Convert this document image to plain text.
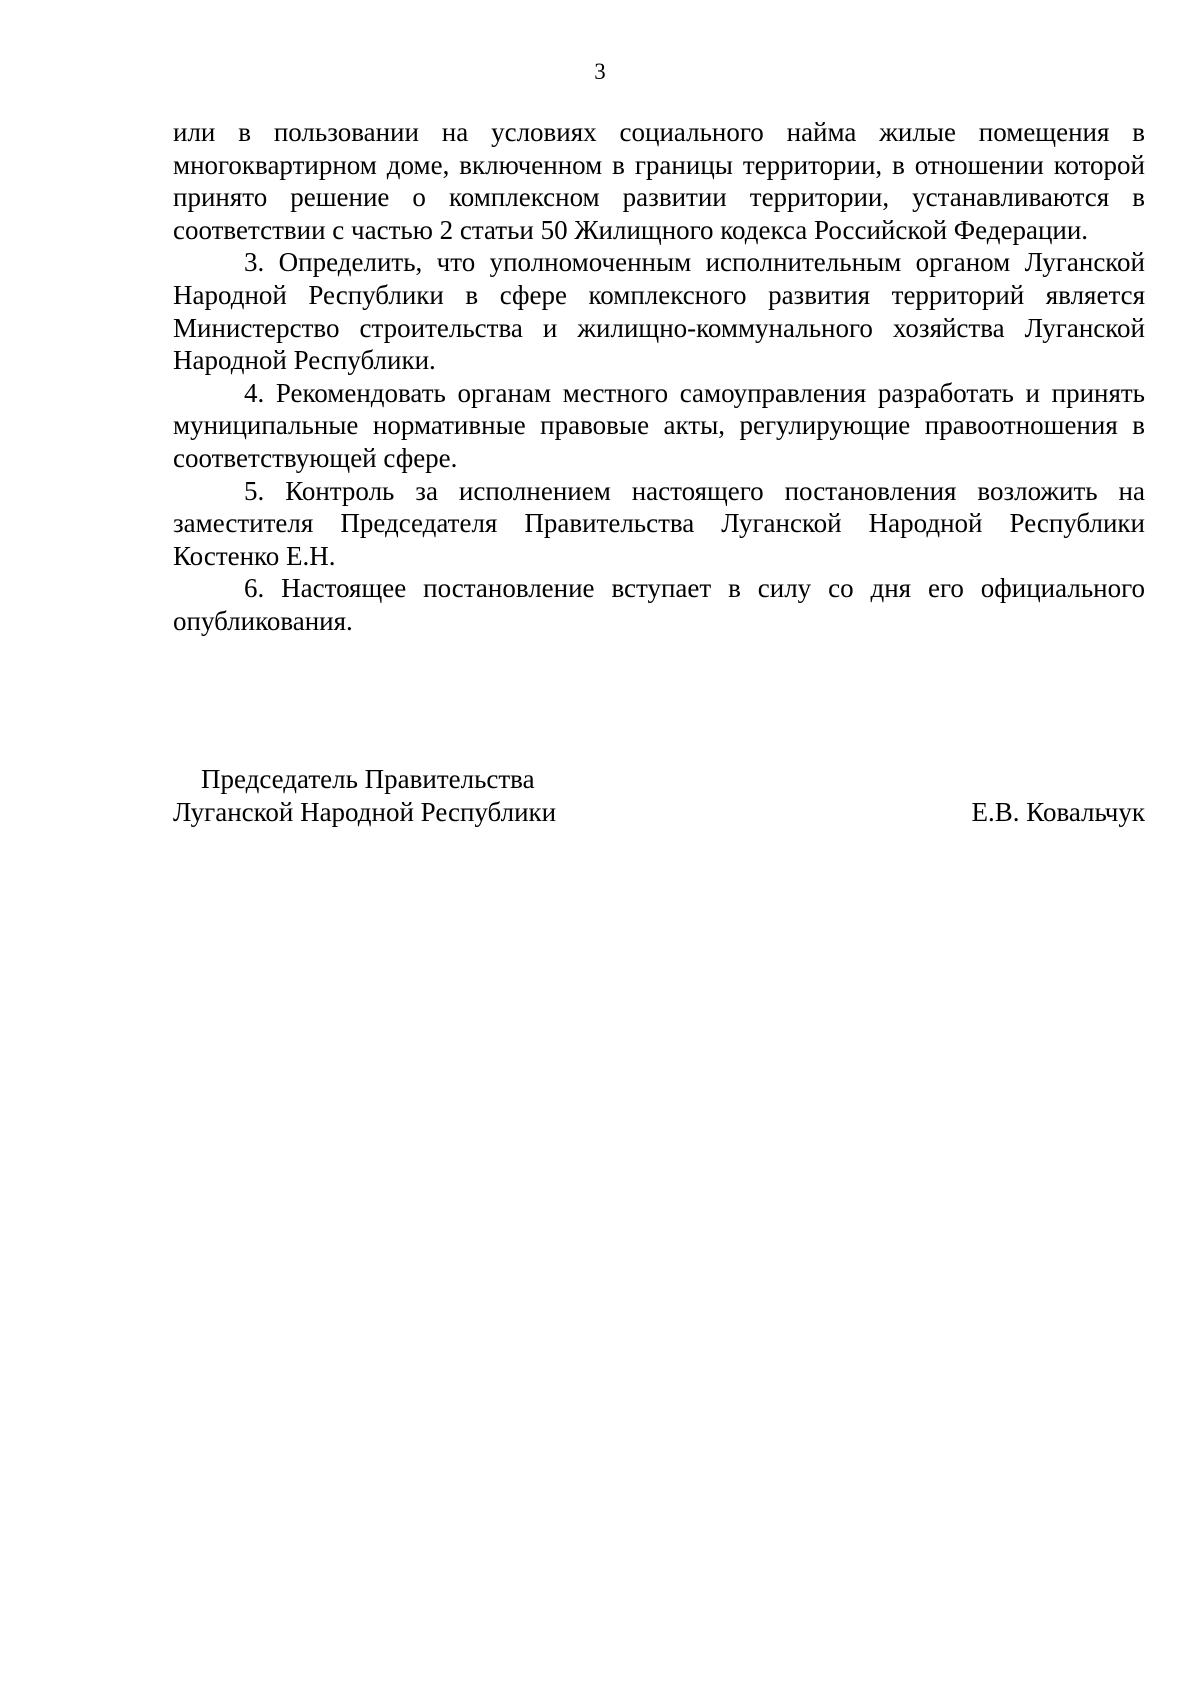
3

или в пользовании на условиях социального найма жилые помещения в многоквартирном доме, включенном в границы территории, в отношении которой принято решение о комплексном развитии территории, устанавливаются в соответствии с частью 2 статьи 50 Жилищного кодекса Российской Федерации.

3. Определить, что уполномоченным исполнительным органом Луганской Народной Республики в сфере комплексного развития территорий является Министерство строительства и жилищно-коммунального хозяйства Луганской Народной Республики.

4. Рекомендовать органам местного самоуправления разработать и принять муниципальные нормативные правовые акты, регулирующие правоотношения в соответствующей сфере.

5. Контроль за исполнением настоящего постановления возложить на заместителя Председателя Правительства Луганской Народной Республики Костенко Е.Н.

6. Настоящее постановление вступает в силу со дня его официального опубликования.

Председатель Правительства
Луганской Народной Республики	Е.В. Ковальчук
